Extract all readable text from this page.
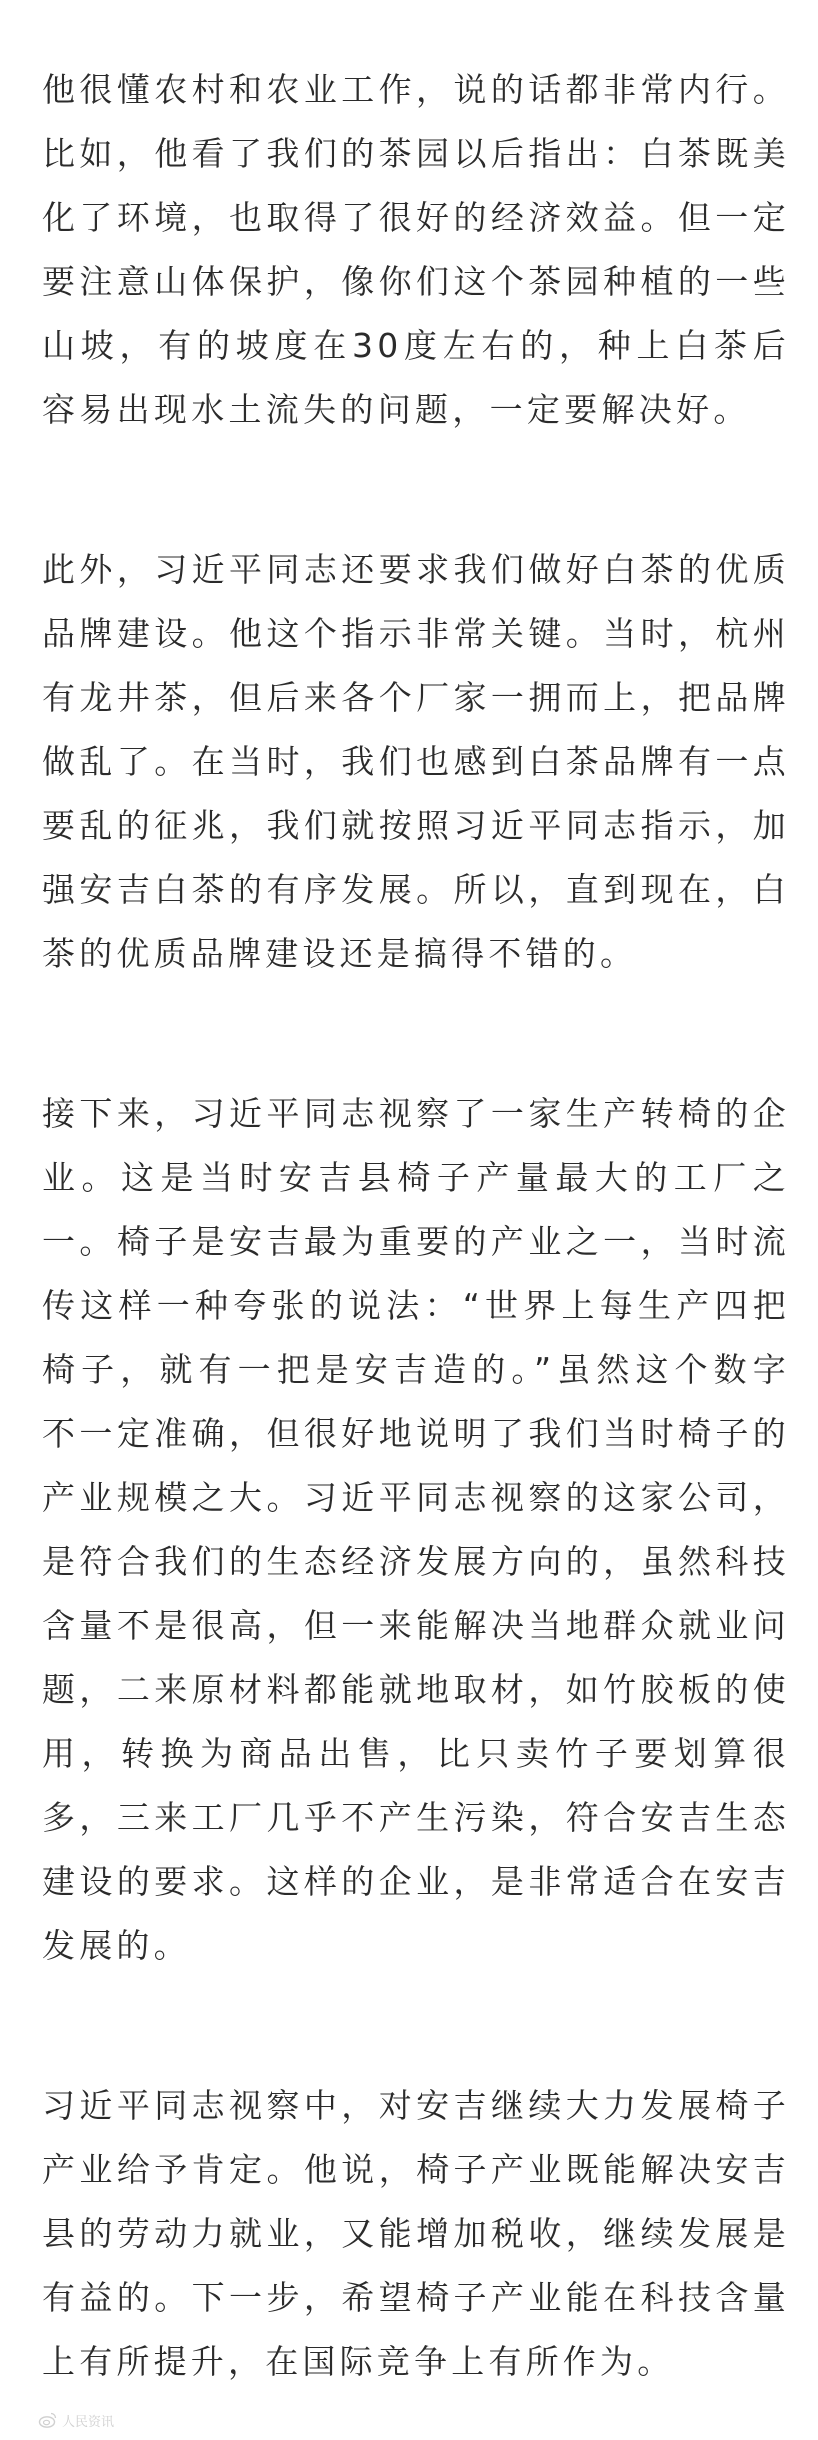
他很懂农村和农业工作，说的话都非常内行。比如，他看了我们的茶园以后指出：白茶既美化了环境，也取得了很好的经济效益。但一定要注意山体保护，像你们这个茶园种植的一些山坡，有的坡度在30度左右的，种上白茶后容易出现水土流失的问题，一定要解决好。

此外，习近平同志还要求我们做好白茶的优质品牌建设。他这个指示非常关键。当时，杭州有龙井茶，但后来各个厂家一拥而上，把品牌做乱了。在当时，我们也感到白茶品牌有一点要乱的征兆，我们就按照习近平同志指示，加强安吉白茶的有序发展。所以，直到现在，白茶的优质品牌建设还是搞得不错的。

接下来，习近平同志视察了一家生产转椅的企业。这是当时安吉县椅子产量最大的工厂之一。椅子是安吉最为重要的产业之一，当时流传这样一种夸张的说法：“世界上每生产四把椅子，就有一把是安吉造的。”虽然这个数字不一定准确，但很好地说明了我们当时椅子的产业规模之大。习近平同志视察的这家公司，是符合我们的生态经济发展方向的，虽然科技含量不是很高，但一来能解决当地群众就业问题，二来原材料都能就地取材，如竹胶板的使用，转换为商品出售，比只卖竹子要划算很多，三来工厂几乎不产生污染，符合安吉生态建设的要求。这样的企业，是非常适合在安吉发展的。

习近平同志视察中，对安吉继续大力发展椅子产业给予肯定。他说，椅子产业既能解决安吉县的劳动力就业，又能增加税收，继续发展是有益的。下一步，希望椅子产业能在科技含量上有所提升，在国际竞争上有所作为。

人民资讯
